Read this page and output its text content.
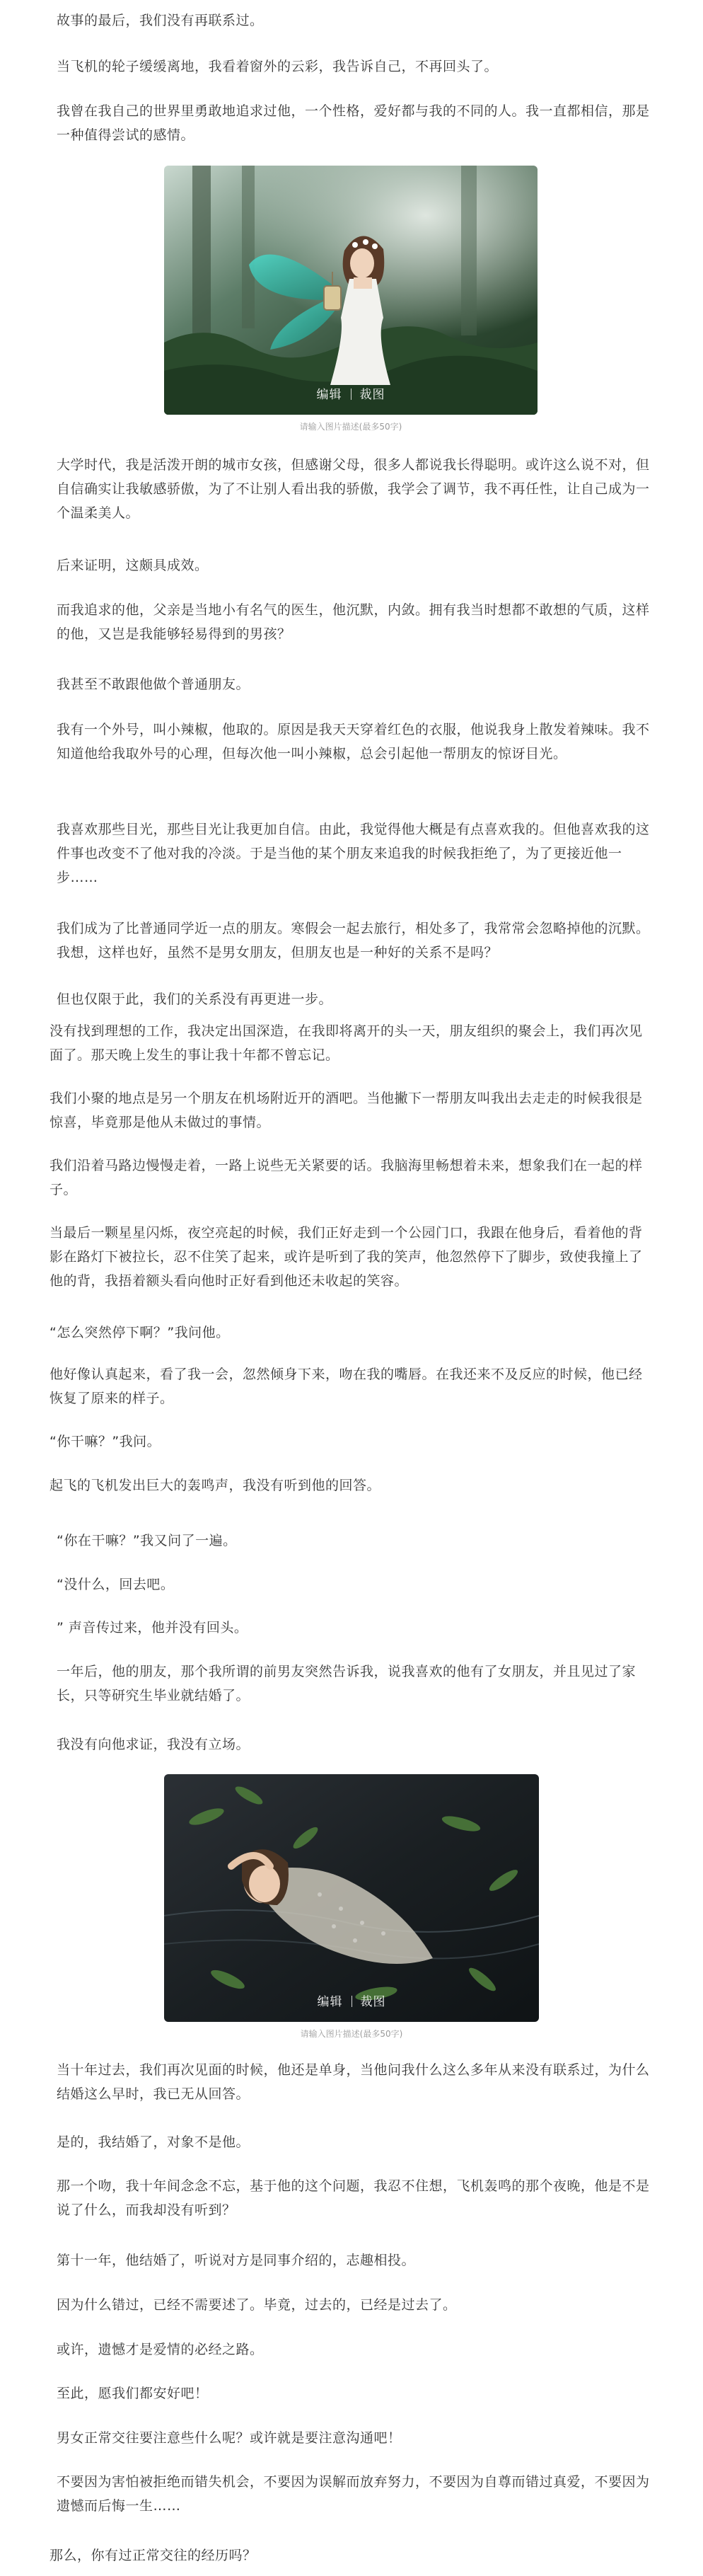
故事的最后，我们没有再联系过。

当飞机的轮子缓缓离地，我看着窗外的云彩，我告诉自己，不再回头了。

我曾在我自己的世界里勇敢地追求过他，一个性格，爱好都与我的不同的人。我一直都相信，那是一种值得尝试的感情。

编辑 裁图
请输入图片描述(最多50字)

大学时代，我是活泼开朗的城市女孩，但感谢父母，很多人都说我长得聪明。或许这么说不对，但自信确实让我敏感骄傲，为了不让别人看出我的骄傲，我学会了调节，我不再任性，让自己成为一个温柔美人。

后来证明，这颇具成效。

而我追求的他，父亲是当地小有名气的医生，他沉默，内敛。拥有我当时想都不敢想的气质，这样的他，又岂是我能够轻易得到的男孩？

我甚至不敢跟他做个普通朋友。

我有一个外号，叫小辣椒，他取的。原因是我天天穿着红色的衣服，他说我身上散发着辣味。我不知道他给我取外号的心理，但每次他一叫小辣椒，总会引起他一帮朋友的惊讶目光。

我喜欢那些目光，那些目光让我更加自信。由此，我觉得他大概是有点喜欢我的。但他喜欢我的这件事也改变不了他对我的冷淡。于是当他的某个朋友来追我的时候我拒绝了，为了更接近他一步……

我们成为了比普通同学近一点的朋友。寒假会一起去旅行，相处多了，我常常会忽略掉他的沉默。我想，这样也好，虽然不是男女朋友，但朋友也是一种好的关系不是吗？

但也仅限于此，我们的关系没有再更进一步。

没有找到理想的工作，我决定出国深造，在我即将离开的头一天，朋友组织的聚会上，我们再次见面了。那天晚上发生的事让我十年都不曾忘记。

我们小聚的地点是另一个朋友在机场附近开的酒吧。当他撇下一帮朋友叫我出去走走的时候我很是惊喜，毕竟那是他从未做过的事情。

我们沿着马路边慢慢走着，一路上说些无关紧要的话。我脑海里畅想着未来，想象我们在一起的样子。

当最后一颗星星闪烁，夜空亮起的时候，我们正好走到一个公园门口，我跟在他身后，看着他的背影在路灯下被拉长，忍不住笑了起来，或许是听到了我的笑声，他忽然停下了脚步，致使我撞上了他的背，我捂着额头看向他时正好看到他还未收起的笑容。

“怎么突然停下啊？”我问他。

他好像认真起来，看了我一会，忽然倾身下来，吻在我的嘴唇。在我还来不及反应的时候，他已经恢复了原来的样子。

“你干嘛？”我问。

起飞的飞机发出巨大的轰鸣声，我没有听到他的回答。

“你在干嘛？”我又问了一遍。

“没什么，回去吧。

” 声音传过来，他并没有回头。

一年后，他的朋友，那个我所谓的前男友突然告诉我，说我喜欢的他有了女朋友，并且见过了家长，只等研究生毕业就结婚了。

我没有向他求证，我没有立场。

编辑 裁图
请输入图片描述(最多50字)

当十年过去，我们再次见面的时候，他还是单身，当他问我什么这么多年从来没有联系过，为什么结婚这么早时，我已无从回答。

是的，我结婚了，对象不是他。

那一个吻，我十年间念念不忘，基于他的这个问题，我忍不住想，飞机轰鸣的那个夜晚，他是不是说了什么，而我却没有听到？

第十一年，他结婚了，听说对方是同事介绍的，志趣相投。

因为什么错过，已经不需要述了。毕竟，过去的，已经是过去了。

或许，遗憾才是爱情的必经之路。

至此，愿我们都安好吧！

男女正常交往要注意些什么呢？或许就是要注意沟通吧！

不要因为害怕被拒绝而错失机会，不要因为误解而放弃努力，不要因为自尊而错过真爱，不要因为遗憾而后悔一生……

那么，你有过正常交往的经历吗？
